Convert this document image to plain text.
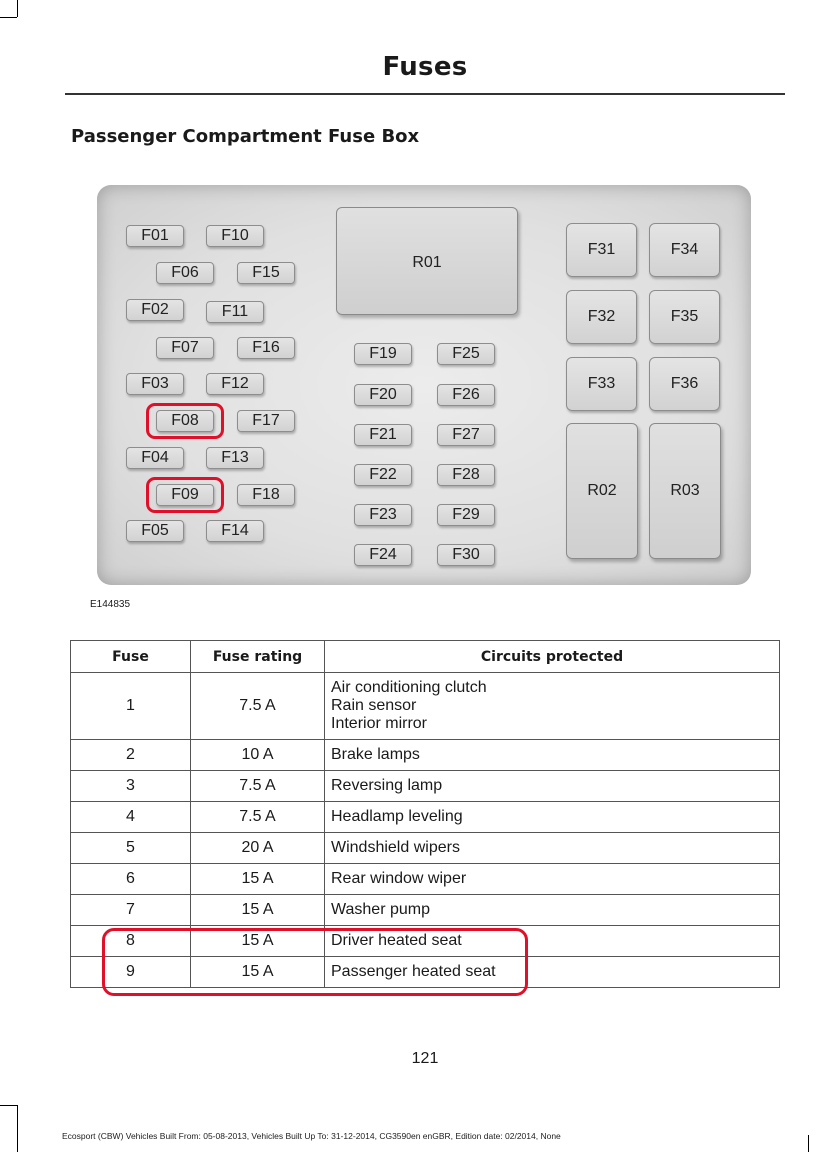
Fuses
Passenger Compartment Fuse Box
F01	F10
F06	F15
F02	F11
F07	F16
F03	F12
F08	F17
F04	F13
F09	F18
F05	F14
F19	F25
F20	F26
F21	F27
F22	F28
F23	F29
F24	F30
F31	F34
F32	F35
F33	F36
R01
R02	R03
E144835
Fuse	Fuse rating	Circuits protected
1	7.5 A	Air conditioning clutch
Rain sensor
Interior mirror

2	10 A	Brake lamps

3	7.5 A	Reversing lamp

4	7.5 A	Headlamp leveling

5	20 A	Windshield wipers

6	15 A	Rear window wiper

7	15 A	Washer pump

8	15 A	Driver heated seat

9	15 A	Passenger heated seat
121
Ecosport (CBW) Vehicles Built From: 05-08-2013, Vehicles Built Up To: 31-12-2014, CG3590en enGBR, Edition date: 02/2014, None
